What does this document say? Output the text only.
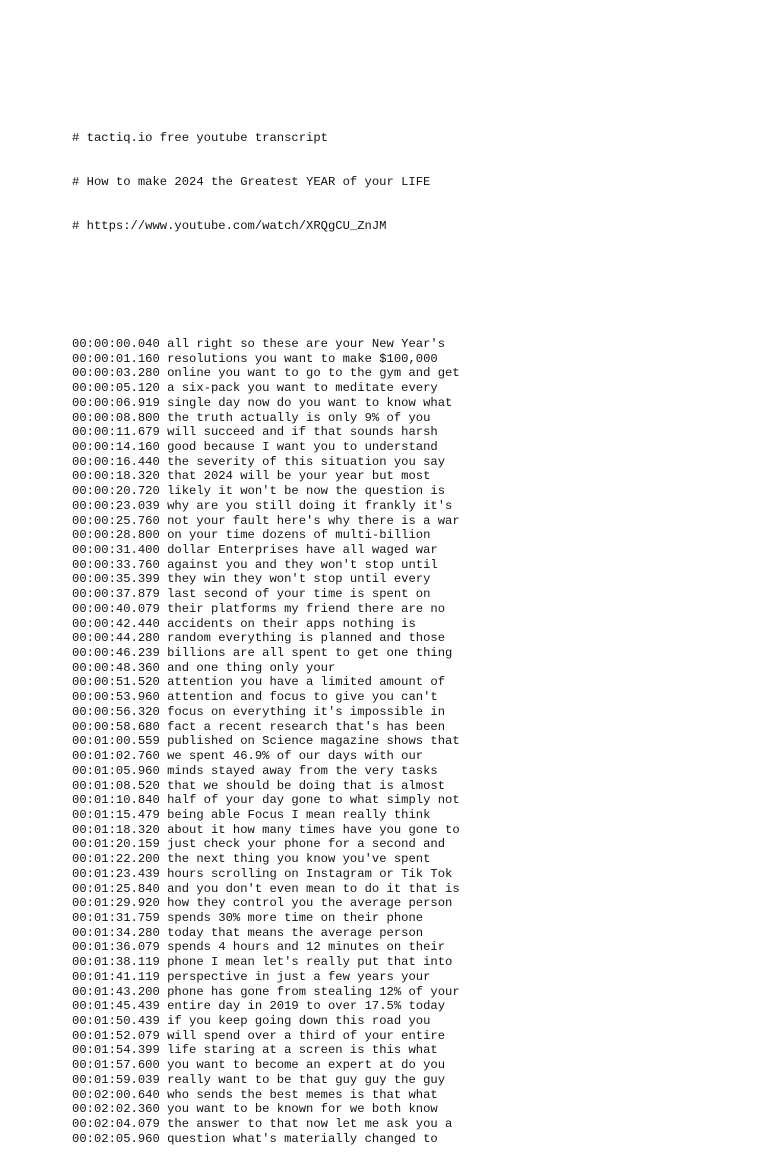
# tactiq.io free youtube transcript

# How to make 2024 the Greatest YEAR of your LIFE

# https://www.youtube.com/watch/XRQgCU_ZnJM

00:00:00.040 all right so these are your New Year's
00:00:01.160 resolutions you want to make $100,000
00:00:03.280 online you want to go to the gym and get
00:00:05.120 a six-pack you want to meditate every
00:00:06.919 single day now do you want to know what
00:00:08.800 the truth actually is only 9% of you
00:00:11.679 will succeed and if that sounds harsh
00:00:14.160 good because I want you to understand
00:00:16.440 the severity of this situation you say
00:00:18.320 that 2024 will be your year but most
00:00:20.720 likely it won't be now the question is
00:00:23.039 why are you still doing it frankly it's
00:00:25.760 not your fault here's why there is a war
00:00:28.800 on your time dozens of multi-billion
00:00:31.400 dollar Enterprises have all waged war
00:00:33.760 against you and they won't stop until
00:00:35.399 they win they won't stop until every
00:00:37.879 last second of your time is spent on
00:00:40.079 their platforms my friend there are no
00:00:42.440 accidents on their apps nothing is
00:00:44.280 random everything is planned and those
00:00:46.239 billions are all spent to get one thing
00:00:48.360 and one thing only your
00:00:51.520 attention you have a limited amount of
00:00:53.960 attention and focus to give you can't
00:00:56.320 focus on everything it's impossible in
00:00:58.680 fact a recent research that's has been
00:01:00.559 published on Science magazine shows that
00:01:02.760 we spent 46.9% of our days with our
00:01:05.960 minds stayed away from the very tasks
00:01:08.520 that we should be doing that is almost
00:01:10.840 half of your day gone to what simply not
00:01:15.479 being able Focus I mean really think
00:01:18.320 about it how many times have you gone to
00:01:20.159 just check your phone for a second and
00:01:22.200 the next thing you know you've spent
00:01:23.439 hours scrolling on Instagram or Tik Tok
00:01:25.840 and you don't even mean to do it that is
00:01:29.920 how they control you the average person
00:01:31.759 spends 30% more time on their phone
00:01:34.280 today that means the average person
00:01:36.079 spends 4 hours and 12 minutes on their
00:01:38.119 phone I mean let's really put that into
00:01:41.119 perspective in just a few years your
00:01:43.200 phone has gone from stealing 12% of your
00:01:45.439 entire day in 2019 to over 17.5% today
00:01:50.439 if you keep going down this road you
00:01:52.079 will spend over a third of your entire
00:01:54.399 life staring at a screen is this what
00:01:57.600 you want to become an expert at do you
00:01:59.039 really want to be that guy guy the guy
00:02:00.640 who sends the best memes is that what
00:02:02.360 you want to be known for we both know
00:02:04.079 the answer to that now let me ask you a
00:02:05.960 question what's materially changed to
